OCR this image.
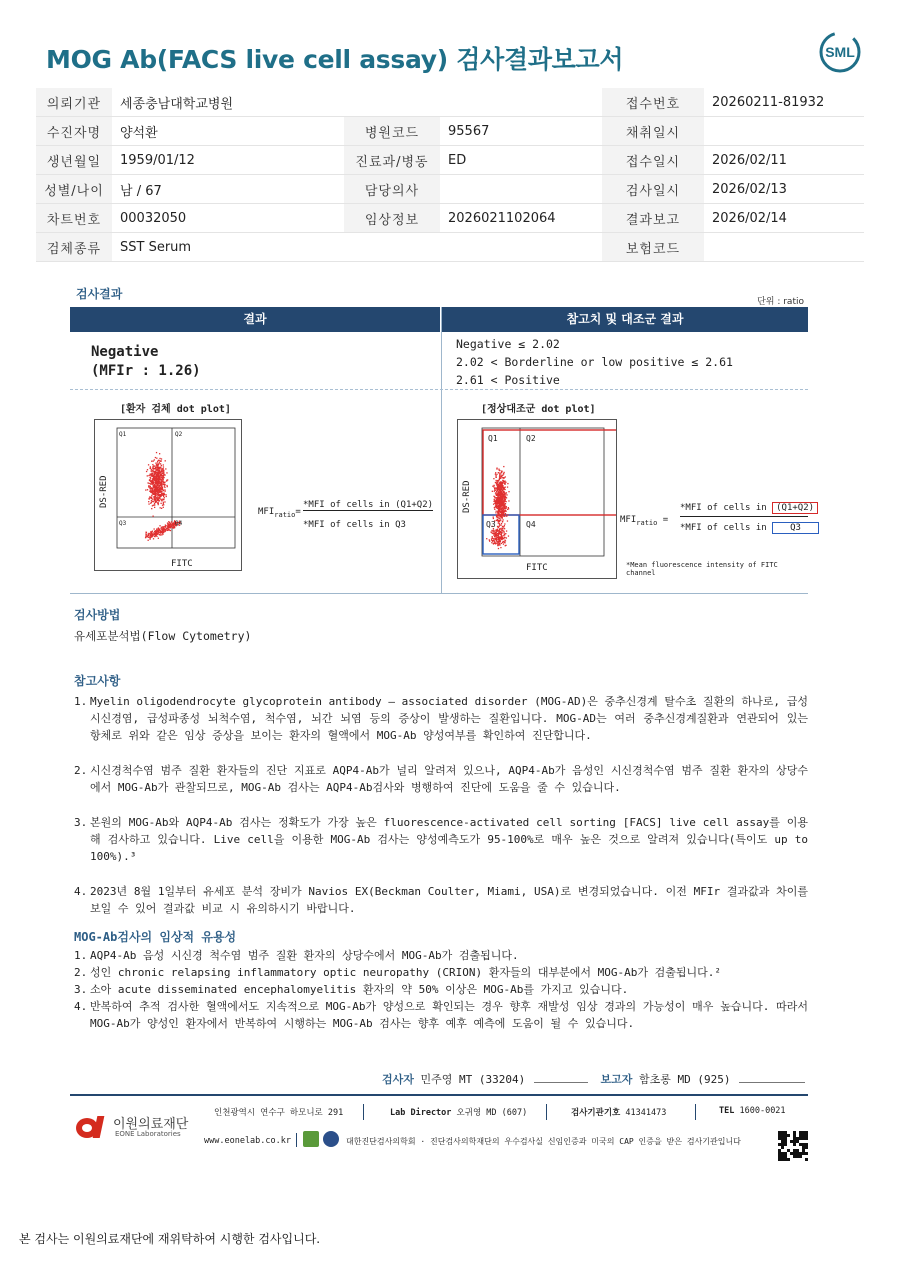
MOG Ab(FACS live cell assay) 검사결과보고서	SML
의뢰기관	세종충남대학교병원			접수번호	20260211-81932
수진자명	양석환	병원코드	95567	채취일시	
생년월일	1959/01/12	진료과/병동	ED	접수일시	2026/02/11
성별/나이	남 / 67	담당의사		검사일시	2026/02/13
차트번호	00032050	임상정보	2026021102064	결과보고	2026/02/14
검체종류	SST Serum			보험코드	
검사결과
단위 : ratio
결과	참고치 및 대조군 결과
Negative
(MFIr : 1.26)
Negative ≤ 2.02
2.02 < Borderline or low positive ≤ 2.61
2.61 < Positive
[환자 검체 dot plot]
Q1	Q2
Q3	Q4
FITC
DS-RED
$MFI_{ratio}=$
*MFI of cells in (Q1+Q2)
*MFI of cells in Q3
[정상대조군 dot plot]
Q1	Q2
Q3	Q4
FITC
DS-RED
$MFI_{ratio}$ =
*MFI of cells in (Q1+Q2)
*MFI of cells in	Q3
*Mean fluorescence intensity of FITC channel
검사방법
유세포분석법(Flow Cytometry)
참고사항
1. Myelin oligodendrocyte glycoprotein antibody – associated disorder (MOG-AD)은 중추신경계 탈수초 질환의 하나로, 급성 시신경염, 급성파종성 뇌척수염, 척수염, 뇌간 뇌염 등의 증상이 발생하는 질환입니다. MOG-AD는 여러 중추신경계질환과 연관되어 있는 항체로 위와 같은 임상 증상을 보이는 환자의 혈액에서 MOG-Ab 양성여부를 확인하여 진단합니다.
2. 시신경척수염 범주 질환 환자들의 진단 지표로 AQP4-Ab가 널리 알려져 있으나, AQP4-Ab가 음성인 시신경척수염 범주 질환 환자의 상당수에서 MOG-Ab가 관찰되므로, MOG-Ab 검사는 AQP4-Ab검사와 병행하여 진단에 도움을 줄 수 있습니다.
3. 본원의 MOG-Ab와 AQP4-Ab 검사는 정확도가 가장 높은 fluorescence-activated cell sorting [FACS] live cell assay를 이용해 검사하고 있습니다. Live cell을 이용한 MOG-Ab 검사는 양성예측도가 95-100%로 매우 높은 것으로 알려져 있습니다(특이도 up to 100%).³
4. 2023년 8월 1일부터 유세포 분석 장비가 Navios EX(Beckman Coulter, Miami, USA)로 변경되었습니다. 이전 MFIr 결과값과 차이를 보일 수 있어 결과값 비교 시 유의하시기 바랍니다.
MOG-Ab검사의 임상적 유용성
1. AQP4-Ab 음성 시신경 척수염 범주 질환 환자의 상당수에서 MOG-Ab가 검출됩니다.
2. 성인 chronic relapsing inflammatory optic neuropathy (CRION) 환자들의 대부분에서 MOG-Ab가 검출됩니다.²
3. 소아 acute disseminated encephalomyelitis 환자의 약 50% 이상은 MOG-Ab를 가지고 있습니다.
4. 반복하여 추적 검사한 혈액에서도 지속적으로 MOG-Ab가 양성으로 확인되는 경우 향후 재발성 임상 경과의 가능성이 매우 높습니다. 따라서 MOG-Ab가 양성인 환자에서 반복하여 시행하는 MOG-Ab 검사는 향후 예후 예측에 도움이 될 수 있습니다.
검사자 민주영 MT (33204)	보고자 함초롱 MD (925)
이원의료재단
EONE Laboratories
인천광역시 연수구 하모니로 291	Lab Director 오귀영 MD (607)	검사기관기호 41341473	TEL 1600-0021
www.eonelab.co.kr	대한진단검사의학회 · 진단검사의학재단의 우수검사실 신임인증과 미국의 CAP 인증을 받은 검사기관입니다
본 검사는 이원의료재단에 재위탁하여 시행한 검사입니다.
